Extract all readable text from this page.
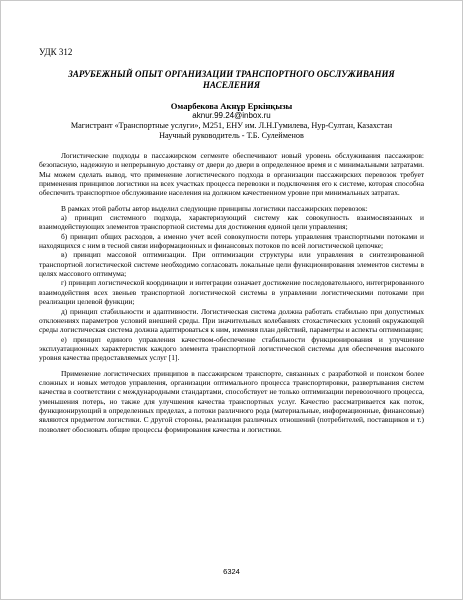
УДК 312
ЗАРУБЕЖНЫЙ ОПЫТ ОРГАНИЗАЦИИ ТРАНСПОРТНОГО ОБСЛУЖИВАНИЯ НАСЕЛЕНИЯ
Омарбекова Акнұр Еркінқызы
aknur.99.24@inbox.ru
Магистрант «Транспортные услуги», М251, ЕНУ им. Л.Н.Гумилева, Нур-Султан, Казахстан
Научный руководитель - Т.Б. Сулейменов

Логистические подходы в пассажирском сегменте обеспечивают новый уровень обслуживания пассажиров: безопасную, надежную и непрерывную доставку от двери до двери в определенное время и с минимальными затратами. Мы можем сделать вывод, что применение логистического подхода в организации пассажирских перевозок требует применения принципов логистики на всех участках процесса перевозки и подключения его к системе, которая способна обеспечить транспортное обслуживание населения на должном качественном уровне при минимальных затратах.

В рамках этой работы автор выделил следующие принципы логистики пассажирских перевозок:

а) принцип системного подхода, характеризующий систему как совокупность взаимосвязанных и взаимодействующих элементов транспортной системы для достижения единой цели управления;

б) принцип общих расходов, а именно учет всей совокупности потерь управления транспортными потоками и находящихся с ним в тесной связи информационных и финансовых потоков по всей логистической цепочке;

в) принцип массовой оптимизации. При оптимизации структуры или управления в синтезированной транспортной логистической системе необходимо согласовать локальные цели функционирования элементов системы в целях массового оптимума;

г) принцип логистической координации и интеграции означает достижение последовательного, интегрированного взаимодействия всех звеньев транспортной логистической системы в управлении логистическими потоками при реализации целевой функции;

д) принцип стабильности и адаптивности. Логистическая система должна работать стабильно при допустимых отклонениях параметров условий внешней среды. При значительных колебаниях стохастических условий окружающей среды логистическая система должна адаптироваться к ним, изменяя план действий, параметры и аспекты оптимизации;

е) принцип единого управления качеством-обеспечение стабильности функционирования и улучшение эксплуатационных характеристик каждого элемента транспортной логистической системы для обеспечения высокого уровня качества предоставляемых услуг [1].

Применение логистических принципов в пассажирском транспорте, связанных с разработкой и поиском более сложных и новых методов управления, организации оптимального процесса транспортировки, развертывания систем качества в соответствии с международными стандартами, способствует не только оптимизации перевозочного процесса, уменьшения потерь, но также для улучшения качества транспортных услуг. Качество рассматривается как поток, функционирующий в определенных пределах, а потоки различного рода (материальные, информационные, финансовые) являются предметом логистики. С другой стороны, реализация различных отношений (потребителей, поставщиков и т.) позволяет обосновать общие процессы формирования качества и логистики.

6324
